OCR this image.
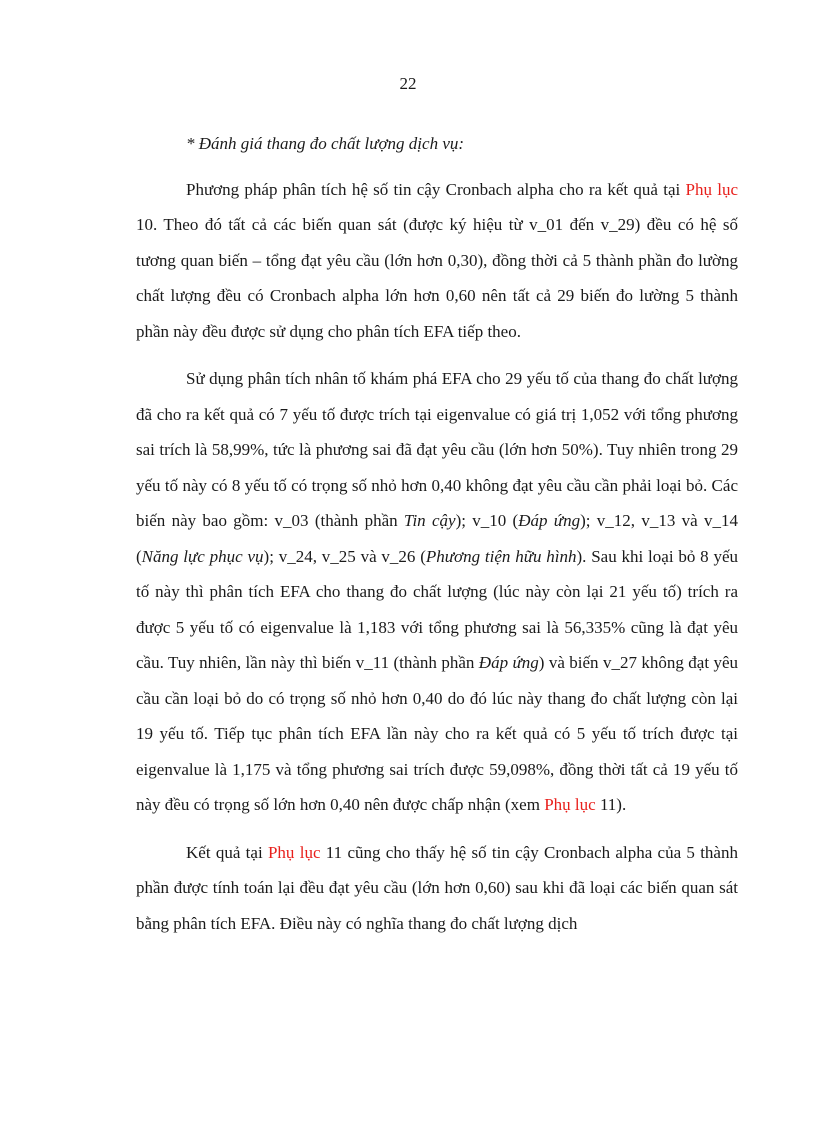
22

* Đánh giá thang đo chất lượng dịch vụ:

Phương pháp phân tích hệ số tin cậy Cronbach alpha cho ra kết quả tại Phụ lục 10. Theo đó tất cả các biến quan sát (được ký hiệu từ v_01 đến v_29) đều có hệ số tương quan biến – tổng đạt yêu cầu (lớn hơn 0,30), đồng thời cả 5 thành phần đo lường chất lượng đều có Cronbach alpha lớn hơn 0,60 nên tất cả 29 biến đo lường 5 thành phần này đều được sử dụng cho phân tích EFA tiếp theo.

Sử dụng phân tích nhân tố khám phá EFA cho 29 yếu tố của thang đo chất lượng đã cho ra kết quả có 7 yếu tố được trích tại eigenvalue có giá trị 1,052 với tổng phương sai trích là 58,99%, tức là phương sai đã đạt yêu cầu (lớn hơn 50%). Tuy nhiên trong 29 yếu tố này có 8 yếu tố có trọng số nhỏ hơn 0,40 không đạt yêu cầu cần phải loại bỏ. Các biến này bao gồm: v_03 (thành phần Tin cậy); v_10 (Đáp ứng); v_12, v_13 và v_14 (Năng lực phục vụ); v_24, v_25 và v_26 (Phương tiện hữu hình). Sau khi loại bỏ 8 yếu tố này thì phân tích EFA cho thang đo chất lượng (lúc này còn lại 21 yếu tố) trích ra được 5 yếu tố có eigenvalue là 1,183 với tổng phương sai là 56,335% cũng là đạt yêu cầu. Tuy nhiên, lần này thì biến v_11 (thành phần Đáp ứng) và biến v_27 không đạt yêu cầu cần loại bỏ do có trọng số nhỏ hơn 0,40 do đó lúc này thang đo chất lượng còn lại 19 yếu tố. Tiếp tục phân tích EFA lần này cho ra kết quả có 5 yếu tố trích được tại eigenvalue là 1,175 và tổng phương sai trích được 59,098%, đồng thời tất cả 19 yếu tố này đều có trọng số lớn hơn 0,40 nên được chấp nhận (xem Phụ lục 11).

Kết quả tại Phụ lục 11 cũng cho thấy hệ số tin cậy Cronbach alpha của 5 thành phần được tính toán lại đều đạt yêu cầu (lớn hơn 0,60) sau khi đã loại các biến quan sát bằng phân tích EFA. Điều này có nghĩa thang đo chất lượng dịch
